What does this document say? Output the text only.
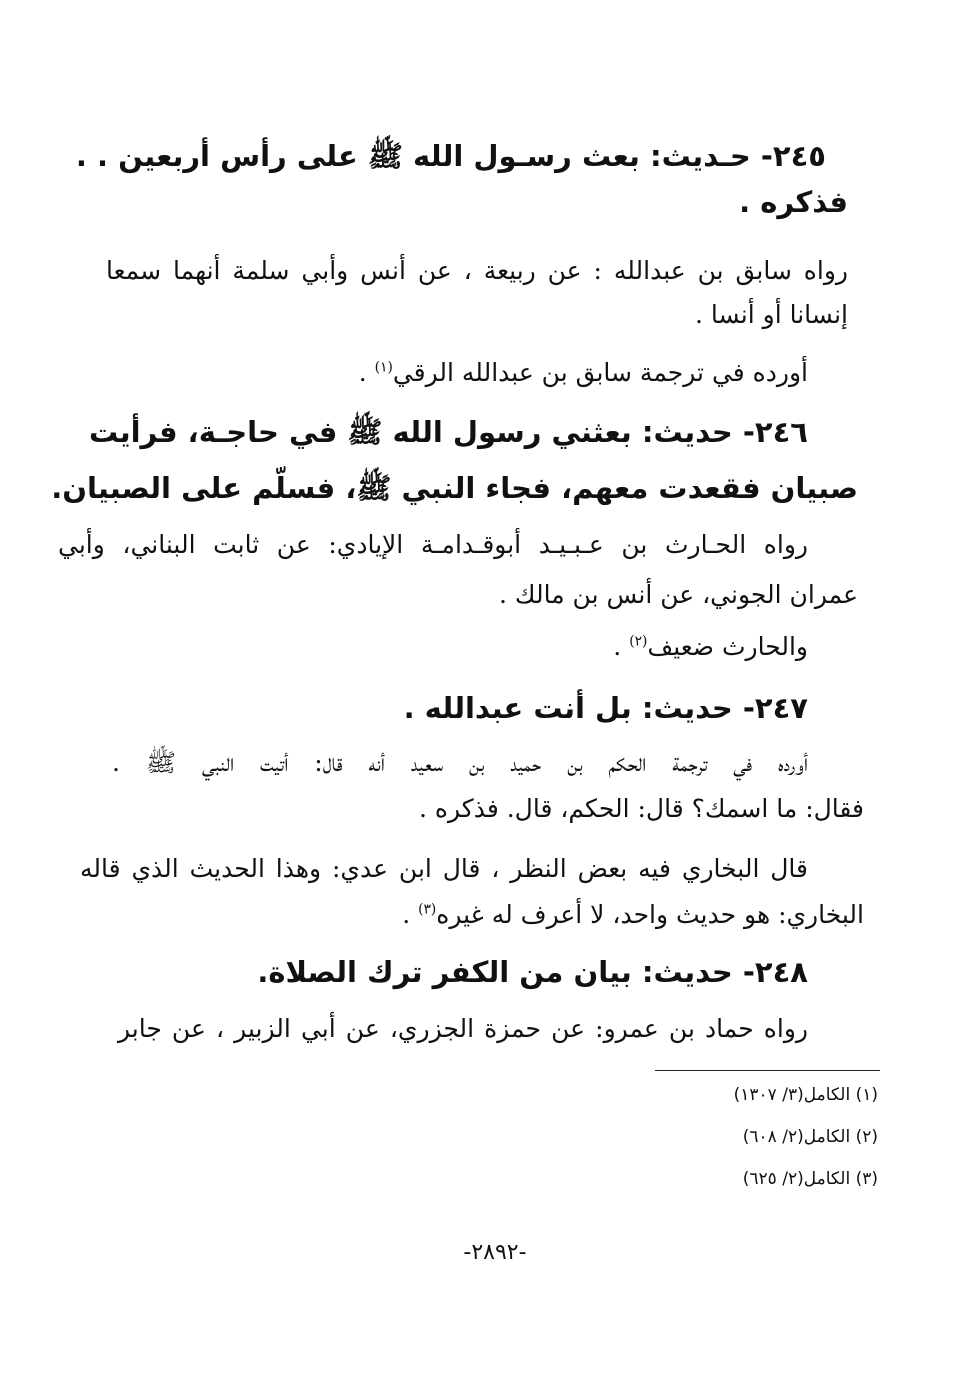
٢٤٥- حـديث: بعث رسـول الله ﷺ على رأس أربعين . .
فذكره .
رواه سابق بن عبدالله : عن ربيعة ، عن أنس وأبي سلمة أنهما سمعا
إنسانا أو أنسا .
أورده في ترجمة سابق بن عبدالله الرقي$^{(١)}$ .
٢٤٦- حديث: بعثني رسول الله ﷺ في حاجـة، فرأيت
صبيان فقعدت معهم، فجاء النبي ﷺ، فسلّم على الصبيان.
رواه الحـارث بن عـبـيـد أبوقـدامـة الإيادي: عن ثابت البناني، وأبي
عمران الجوني، عن أنس بن مالك .
والحارث ضعيف$^{(٢)}$ .
٢٤٧- حديث: بل أنت عبدالله .
أورده في ترجمة الحكم بن حميد بن سعيد أنه قال: أتيت النبي ﷺ .
فقال: ما اسمك؟ قال: الحكم، قال. فذكره .
قال البخاري فيه بعض النظر ، قال ابن عدي: وهذا الحديث الذي قاله
البخاري: هو حديث واحد، لا أعرف له غيره$^{(٣)}$ .
٢٤٨- حديث: بيان من الكفر ترك الصلاة.
رواه حماد بن عمرو: عن حمزة الجزري، عن أبي الزبير ، عن جابر
(١) الكامل(٣/ ١٣٠٧)
(٢) الكامل(٢/ ٦٠٨)
(٣) الكامل(٢/ ٦٢٥)
-٢٨٩٢-
